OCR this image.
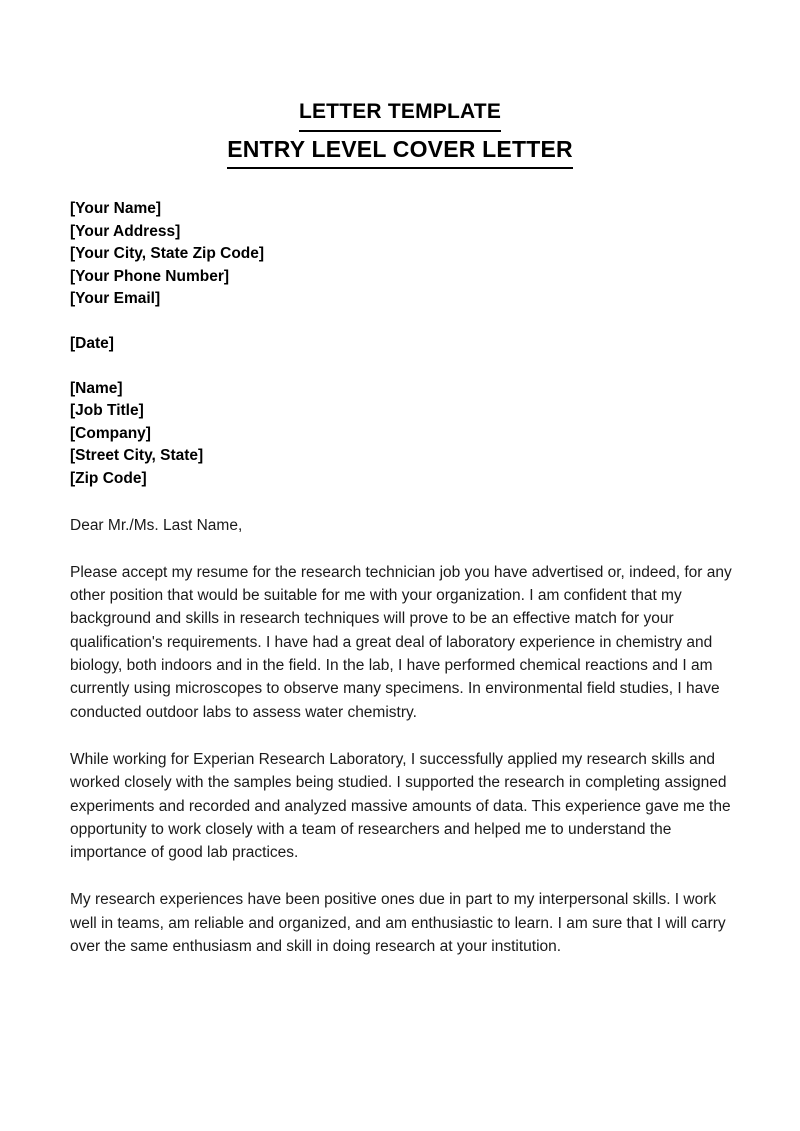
LETTER TEMPLATE
ENTRY LEVEL COVER LETTER
[Your Name]
[Your Address]
[Your City, State Zip Code]
[Your Phone Number]
[Your Email]
[Date]
[Name]
[Job Title]
[Company]
[Street City, State]
[Zip Code]
Dear Mr./Ms. Last Name,

Please accept my resume for the research technician job you have advertised or, indeed, for any other position that would be suitable for me with your organization. I am confident that my background and skills in research techniques will prove to be an effective match for your qualification's requirements. I have had a great deal of laboratory experience in chemistry and biology, both indoors and in the field. In the lab, I have performed chemical reactions and I am currently using microscopes to observe many specimens. In environmental field studies, I have conducted outdoor labs to assess water chemistry.

While working for Experian Research Laboratory, I successfully applied my research skills and worked closely with the samples being studied. I supported the research in completing assigned experiments and recorded and analyzed massive amounts of data. This experience gave me the opportunity to work closely with a team of researchers and helped me to understand the importance of good lab practices.

My research experiences have been positive ones due in part to my interpersonal skills. I work well in teams, am reliable and organized, and am enthusiastic to learn. I am sure that I will carry over the same enthusiasm and skill in doing research at your institution.
